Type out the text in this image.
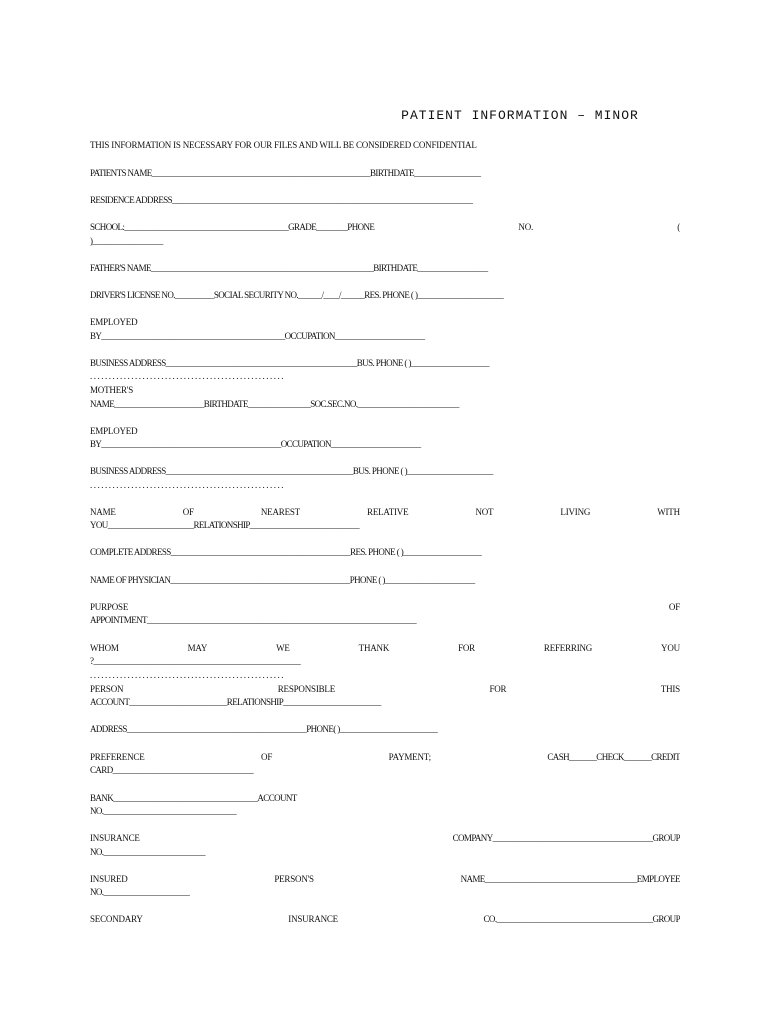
PATIENT INFORMATION – MINOR
THIS INFORMATION IS NECESSARY FOR OUR FILES AND WILL BE CONSIDERED CONFIDENTIAL
PATIENTS NAME________________________________________________________BIRTHDATE_________________
RESIDENCE ADDRESS_____________________________________________________________________________
SCHOOL:__________________________________________GRADE________PHONE	NO.	(
)__________________
FATHER'S NAME_________________________________________________________BIRTHDATE__________________
DRIVER'S LICENSE NO.__________SOCIAL SECURITY NO.______/____/______RES. PHONE ( )______________________
EMPLOYED
BY_______________________________________________OCCUPATION_______________________
BUSINESS ADDRESS_________________________________________________BUS. PHONE ( )____________________
....................................................
MOTHER'S
NAME_______________________BIRTHDATE________________SOC.SEC.NO.__________________________
EMPLOYED
BY______________________________________________OCCUPATION_______________________
BUSINESS ADDRESS________________________________________________BUS. PHONE ( )______________________
....................................................
NAME	OF	NEAREST	RELATIVE	NOT	LIVING	WITH
YOU______________________RELATIONSHIP____________________________
COMPLETE ADDRESS______________________________________________RES. PHONE ( )____________________
NAME OF PHYSICIAN______________________________________________PHONE ( )_______________________
PURPOSE	OF
APPOINTMENT_____________________________________________________________________
WHOM	MAY	WE	THANK	FOR	REFERRING	YOU
?_____________________________________________________
....................................................
PERSON	RESPONSIBLE	FOR	THIS
ACCOUNT_________________________RELATIONSHIP_________________________
ADDRESS______________________________________________PHONE( )_________________________
PREFERENCE	OF	PAYMENT;	CASH_______CHECK_______CREDIT
CARD____________________________________
BANK_____________________________________ACCOUNT
NO.__________________________________
INSURANCE	COMPANY_________________________________________GROUP
NO.__________________________
INSURED	PERSON'S	NAME_______________________________________EMPLOYEE
NO.______________________
SECONDARY	INSURANCE	CO.________________________________________GROUP
